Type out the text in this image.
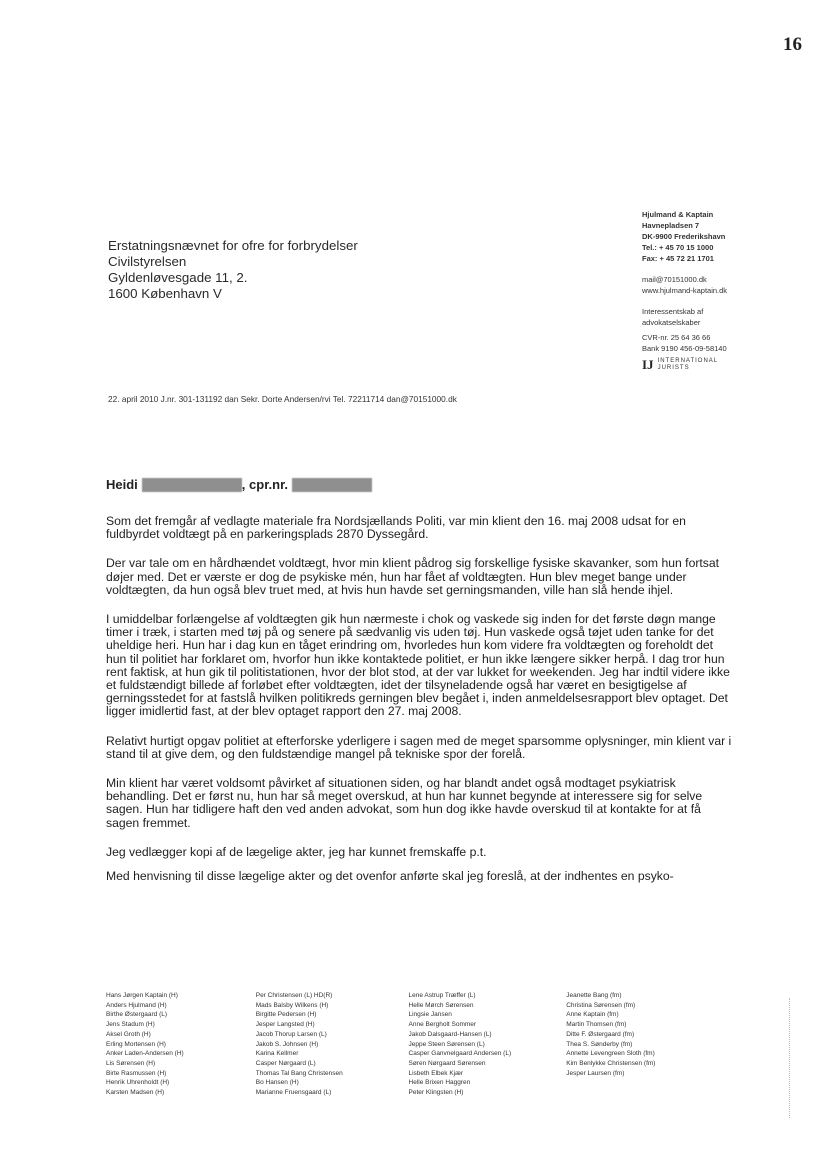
16
Hjulmand & Kaptain
Havnepladsen 7
DK-9900 Frederikshavn
Tel.: + 45 70 15 1000
Fax: + 45 72 21 1701
mail@70151000.dk
www.hjulmand-kaptain.dk
Interessentskab af
advokatselskaber
CVR-nr. 25 64 36 66
Bank 9190 456-09-58140
IJ INTERNATIONAL
JURISTS
Erstatningsnævnet for ofre for forbrydelser
Civilstyrelsen
Gyldenløvesgade 11, 2.
1600 København V
22. april 2010 J.nr. 301-131192 dan Sekr. Dorte Andersen/rvi Tel. 72211714 dan@70151000.dk
Heidi	, cpr.nr.

Som det fremgår af vedlagte materiale fra Nordsjællands Politi, var min klient den 16. maj 2008 udsat for en fuldbyrdet voldtægt på en parkeringsplads 2870 Dyssegård.

Der var tale om en hårdhændet voldtægt, hvor min klient pådrog sig forskellige fysiske skavanker, som hun fortsat døjer med. Det er værste er dog de psykiske mén, hun har fået af voldtægten. Hun blev meget bange under voldtægten, da hun også blev truet med, at hvis hun havde set gerningsmanden, ville han slå hende ihjel.

I umiddelbar forlængelse af voldtægten gik hun nærmeste i chok og vaskede sig inden for det første døgn mange timer i træk, i starten med tøj på og senere på sædvanlig vis uden tøj. Hun vaskede også tøjet uden tanke for det uheldige heri. Hun har i dag kun en tåget erindring om, hvorledes hun kom videre fra voldtægten og foreholdt det hun til politiet har forklaret om, hvorfor hun ikke kontaktede politiet, er hun ikke længere sikker herpå. I dag tror hun rent faktisk, at hun gik til politistationen, hvor der blot stod, at der var lukket for weekenden. Jeg har indtil videre ikke et fuldstændigt billede af forløbet efter voldtægten, idet der tilsyneladende også har været en besigtigelse af gerningsstedet for at fastslå hvilken politikreds gerningen blev begået i, inden anmeldelsesrapport blev optaget. Det ligger imidlertid fast, at der blev optaget rapport den 27. maj 2008.

Relativt hurtigt opgav politiet at efterforske yderligere i sagen med de meget sparsomme oplysninger, min klient var i stand til at give dem, og den fuldstændige mangel på tekniske spor der forelå.

Min klient har været voldsomt påvirket af situationen siden, og har blandt andet også modtaget psykiatrisk behandling. Det er først nu, hun har så meget overskud, at hun har kunnet begynde at interessere sig for selve sagen. Hun har tidligere haft den ved anden advokat, som hun dog ikke havde overskud til at kontakte for at få sagen fremmet.

Jeg vedlægger kopi af de lægelige akter, jeg har kunnet fremskaffe p.t.

Med henvisning til disse lægelige akter og det ovenfor anførte skal jeg foreslå, at der indhentes en psyko-

Hans Jørgen Kaptain (H)
Anders Hjulmand (H)
Birthe Østergaard (L)
Jens Stadum (H)
Aksel Groth (H)
Erling Mortensen (H)
Anker Laden-Andersen (H)
Lis Sørensen (H)
Birte Rasmussen (H)
Henrik Uhrenholdt (H)
Karsten Madsen (H)
Per Christensen (L) HD(R)
Mads Balsby Wilkens (H)
Birgitte Pedersen (H)
Jesper Langsted (H)
Jacob Thorup Larsen (L)
Jakob S. Johnsen (H)
Karina Kellmer
Casper Nørgaard (L)
Thomas Tal Bang Christensen
Bo Hansen (H)
Marianne Fruensgaard (L)
Lene Astrup Træffer (L)
Helle Mørch Sørensen
Lingsie Jansen
Anne Bergholt Sommer
Jakob Dalsgaard-Hansen (L)
Jeppe Steen Sørensen (L)
Casper Ganvnelgaard Andersen (L)
Søren Nørgaard Sørensen
Lisbeth Elbek Kjær
Helle Brixen Haggren
Peter Klingsten (H)
Jeanette Bang (fm)
Christina Sørensen (fm)
Anne Kaptain (fm)
Martin Thomsen (fm)
Ditte F. Østergaard (fm)
Thea S. Sønderby (fm)
Annette Levengreen Sloth (fm)
Kim Benlykke Christensen (fm)
Jesper Laursen (fm)
